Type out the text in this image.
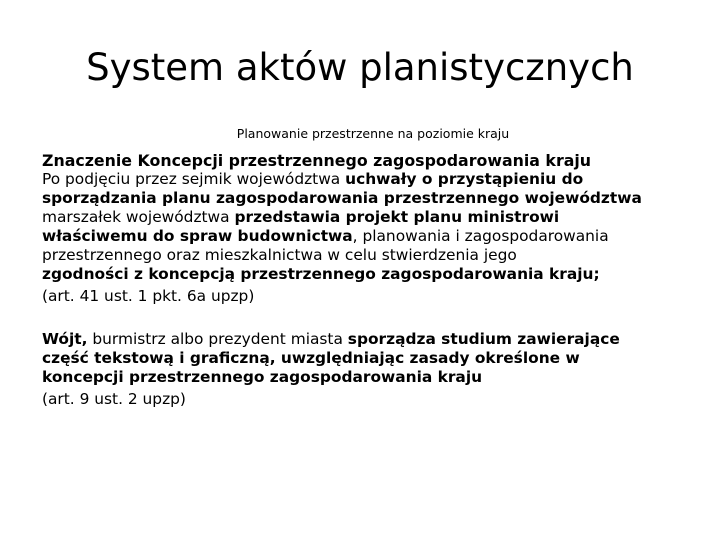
System aktów planistycznych

Planowanie przestrzenne na poziomie kraju

Znaczenie Koncepcji przestrzennego zagospodarowania kraju

Po podjęciu przez sejmik województwa uchwały o przystąpieniu do
sporządzania planu zagospodarowania przestrzennego województwa
marszałek województwa przedstawia projekt planu ministrowi
właściwemu do spraw budownictwa, planowania i zagospodarowania
przestrzennego oraz mieszkalnictwa w celu stwierdzenia jego
zgodności z koncepcją przestrzennego zagospodarowania kraju;

(art. 41 ust. 1 pkt. 6a upzp)

Wójt, burmistrz albo prezydent miasta sporządza studium zawierające
część tekstową i graficzną, uwzględniając zasady określone w
koncepcji przestrzennego zagospodarowania kraju

(art. 9 ust. 2 upzp)
